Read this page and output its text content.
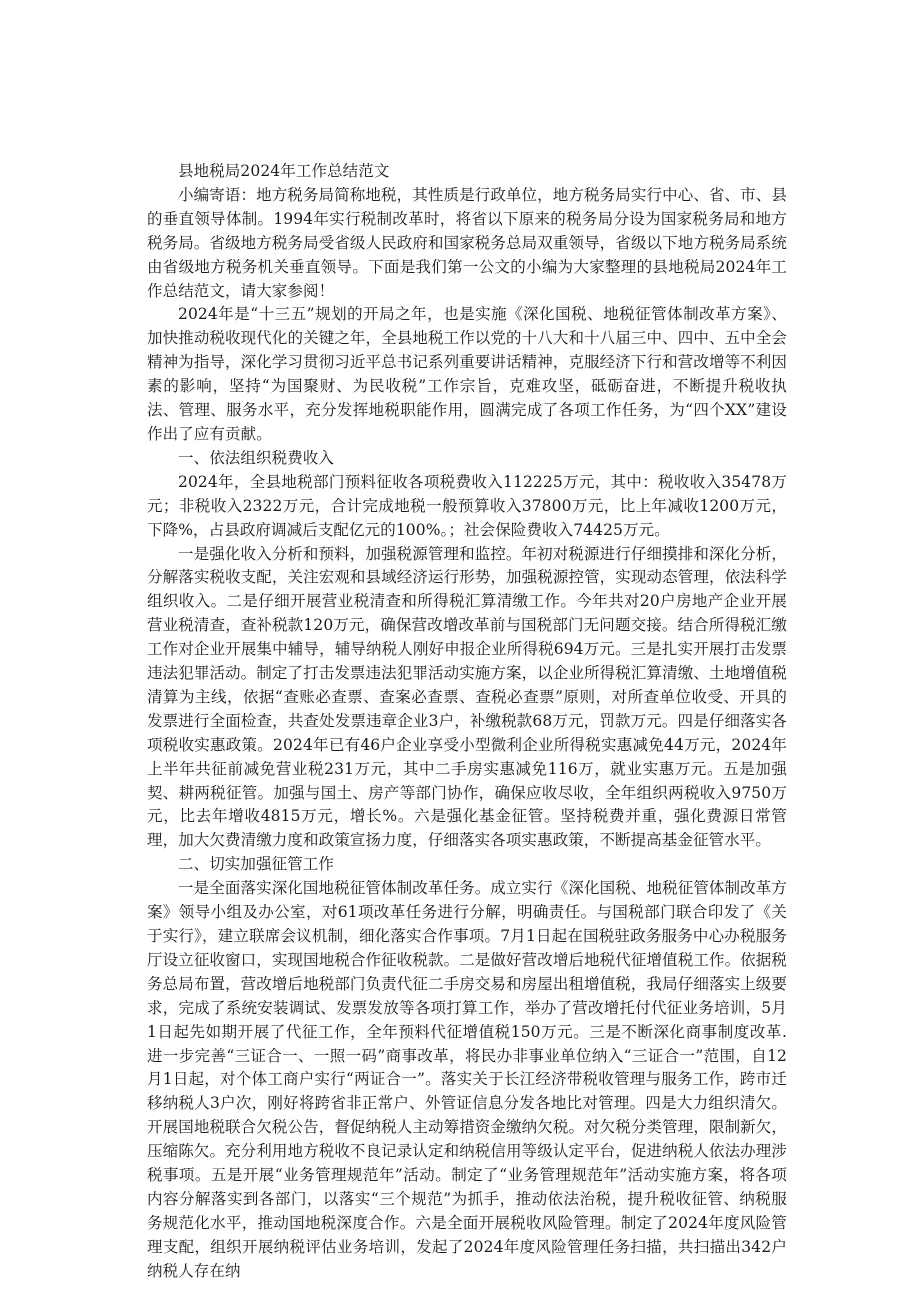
县地税局2024年工作总结范文

小编寄语：地方税务局简称地税，其性质是行政单位，地方税务局实行中心、省、市、县的垂直领导体制。1994年实行税制改革时，将省以下原来的税务局分设为国家税务局和地方税务局。省级地方税务局受省级人民政府和国家税务总局双重领导，省级以下地方税务局系统由省级地方税务机关垂直领导。下面是我们第一公文的小编为大家整理的县地税局2024年工作总结范文，请大家参阅！

2024年是“十三五”规划的开局之年，也是实施《深化国税、地税征管体制改革方案》、加快推动税收现代化的关键之年，全县地税工作以党的十八大和十八届三中、四中、五中全会精神为指导，深化学习贯彻习近平总书记系列重要讲话精神，克服经济下行和营改增等不利因素的影响，坚持“为国聚财、为民收税”工作宗旨，克难攻坚，砥砺奋进，不断提升税收执法、管理、服务水平，充分发挥地税职能作用，圆满完成了各项工作任务，为“四个XX”建设作出了应有贡献。

一、依法组织税费收入

2024年，全县地税部门预料征收各项税费收入112225万元，其中：税收收入35478万元；非税收入2322万元，合计完成地税一般预算收入37800万元，比上年减收1200万元，下降%，占县政府调减后支配亿元的100%。；社会保险费收入74425万元。

一是强化收入分析和预料，加强税源管理和监控。年初对税源进行仔细摸排和深化分析，分解落实税收支配，关注宏观和县域经济运行形势，加强税源控管，实现动态管理，依法科学组织收入。二是仔细开展营业税清查和所得税汇算清缴工作。今年共对20户房地产企业开展营业税清查，查补税款120万元，确保营改增改革前与国税部门无问题交接。结合所得税汇缴工作对企业开展集中辅导，辅导纳税人刚好申报企业所得税694万元。三是扎实开展打击发票违法犯罪活动。制定了打击发票违法犯罪活动实施方案，以企业所得税汇算清缴、土地增值税清算为主线，依据“查账必查票、查案必查票、查税必查票”原则，对所查单位收受、开具的发票进行全面检查，共查处发票违章企业3户，补缴税款68万元，罚款万元。四是仔细落实各项税收实惠政策。2024年已有46户企业享受小型微利企业所得税实惠减免44万元，2024年上半年共征前减免营业税231万元，其中二手房实惠减免116万，就业实惠万元。五是加强契、耕两税征管。加强与国土、房产等部门协作，确保应收尽收，全年组织两税收入9750万元，比去年增收4815万元，增长%。六是强化基金征管。坚持税费并重，强化费源日常管理，加大欠费清缴力度和政策宣扬力度，仔细落实各项实惠政策，不断提高基金征管水平。

二、切实加强征管工作

一是全面落实深化国地税征管体制改革任务。成立实行《深化国税、地税征管体制改革方案》领导小组及办公室，对61项改革任务进行分解，明确责任。与国税部门联合印发了《关于实行》，建立联席会议机制，细化落实合作事项。7月1日起在国税驻政务服务中心办税服务厅设立征收窗口，实现国地税合作征收税款。二是做好营改增后地税代征增值税工作。依据税务总局布置，营改增后地税部门负责代征二手房交易和房屋出租增值税，我局仔细落实上级要求，完成了系统安装调试、发票发放等各项打算工作，举办了营改增托付代征业务培训，5月1日起先如期开展了代征工作，全年预料代征增值税150万元。三是不断深化商事制度改革. 进一步完善“三证合一、一照一码”商事改革，将民办非事业单位纳入“三证合一”范围，自12月1日起，对个体工商户实行“两证合一”。落实关于长江经济带税收管理与服务工作，跨市迁移纳税人3户次，刚好将跨省非正常户、外管证信息分发各地比对管理。四是大力组织清欠。开展国地税联合欠税公告，督促纳税人主动筹措资金缴纳欠税。对欠税分类管理，限制新欠，压缩陈欠。充分利用地方税收不良记录认定和纳税信用等级认定平台，促进纳税人依法办理涉税事项。五是开展“业务管理规范年”活动。制定了“业务管理规范年”活动实施方案，将各项内容分解落实到各部门，以落实“三个规范”为抓手，推动依法治税，提升税收征管、纳税服务规范化水平，推动国地税深度合作。六是全面开展税收风险管理。制定了2024年度风险管理支配，组织开展纳税评估业务培训，发起了2024年度风险管理任务扫描，共扫描出342户纳税人存在纳
